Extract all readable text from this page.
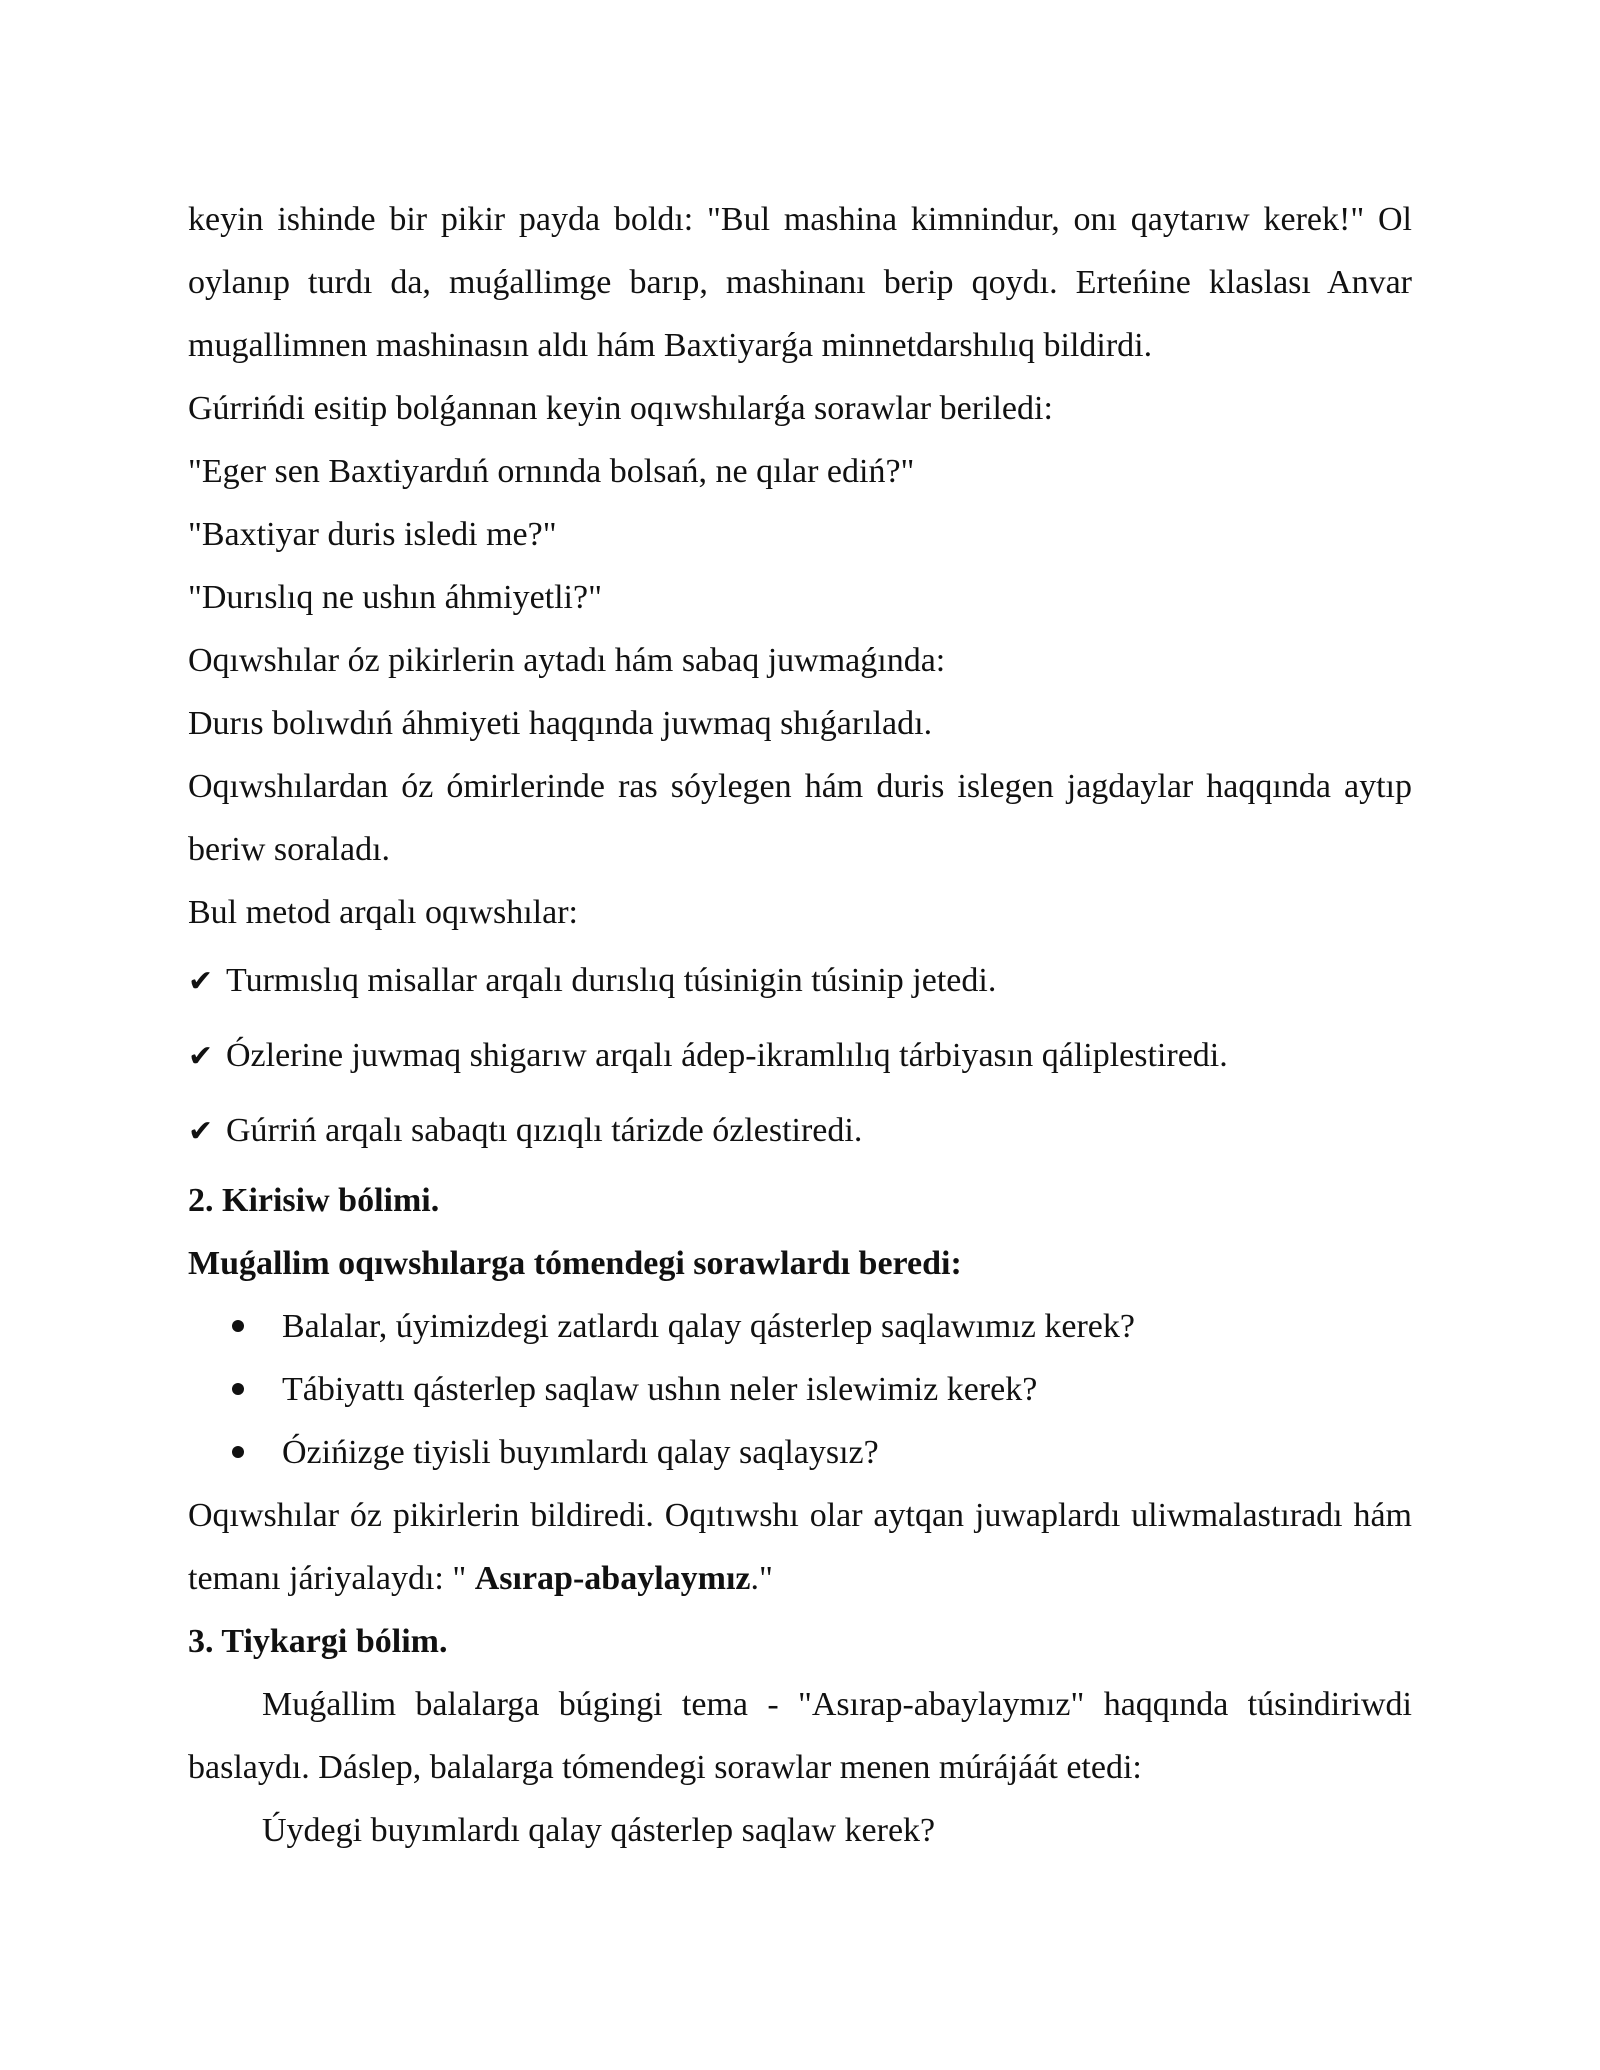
keyin ishinde bir pikir payda boldı: "Bul mashina kimnindur, onı qaytarıw kerek!" Ol oylanıp turdı da, muǵallimge barıp, mashinanı berip qoydı. Erteńine klaslası Anvar mugallimnen mashinasın aldı hám Baxtiyarǵa minnetdarshılıq bildirdi.

Gúrrińdi esitip bolǵannan keyin oqıwshılarǵa sorawlar beriledi:

"Eger sen Baxtiyardıń ornında bolsań, ne qılar ediń?"

"Baxtiyar duris isledi me?"

"Durıslıq ne ushın áhmiyetli?"

Oqıwshılar óz pikirlerin aytadı hám sabaq juwmaǵında:

Durıs bolıwdıń áhmiyeti haqqında juwmaq shıǵarıladı.

Oqıwshılardan óz ómirlerinde ras sóylegen hám duris islegen jagdaylar haqqında aytıp beriw soraladı.

Bul metod arqalı oqıwshılar:

✔ Turmıslıq misallar arqalı durıslıq túsinigin túsinip jetedi.

✔ Ózlerine juwmaq shigarıw arqalı ádep-ikramlılıq tárbiyasın qáliplestiredi.

✔ Gúrriń arqalı sabaqtı qızıqlı tárizde ózlestiredi.

2. Kirisiw bólimi.

Muǵallim oqıwshılarga tómendegi sorawlardı beredi:

Balalar, úyimizdegi zatlardı qalay qásterlep saqlawımız kerek?
Tábiyattı qásterlep saqlaw ushın neler islewimiz kerek?
Ózińizge tiyisli buyımlardı qalay saqlaysız?

Oqıwshılar óz pikirlerin bildiredi. Oqıtıwshı olar aytqan juwaplardı uliwmalastıradı hám temanı járiyalaydı: " Asırap-abaylaymız."

3. Tiykargi bólim.

Muǵallim balalarga búgingi tema - "Asırap-abaylaymız" haqqında túsindiriwdi baslaydı. Dáslep, balalarga tómendegi sorawlar menen múrájáát etedi:

Úydegi buyımlardı qalay qásterlep saqlaw kerek?
